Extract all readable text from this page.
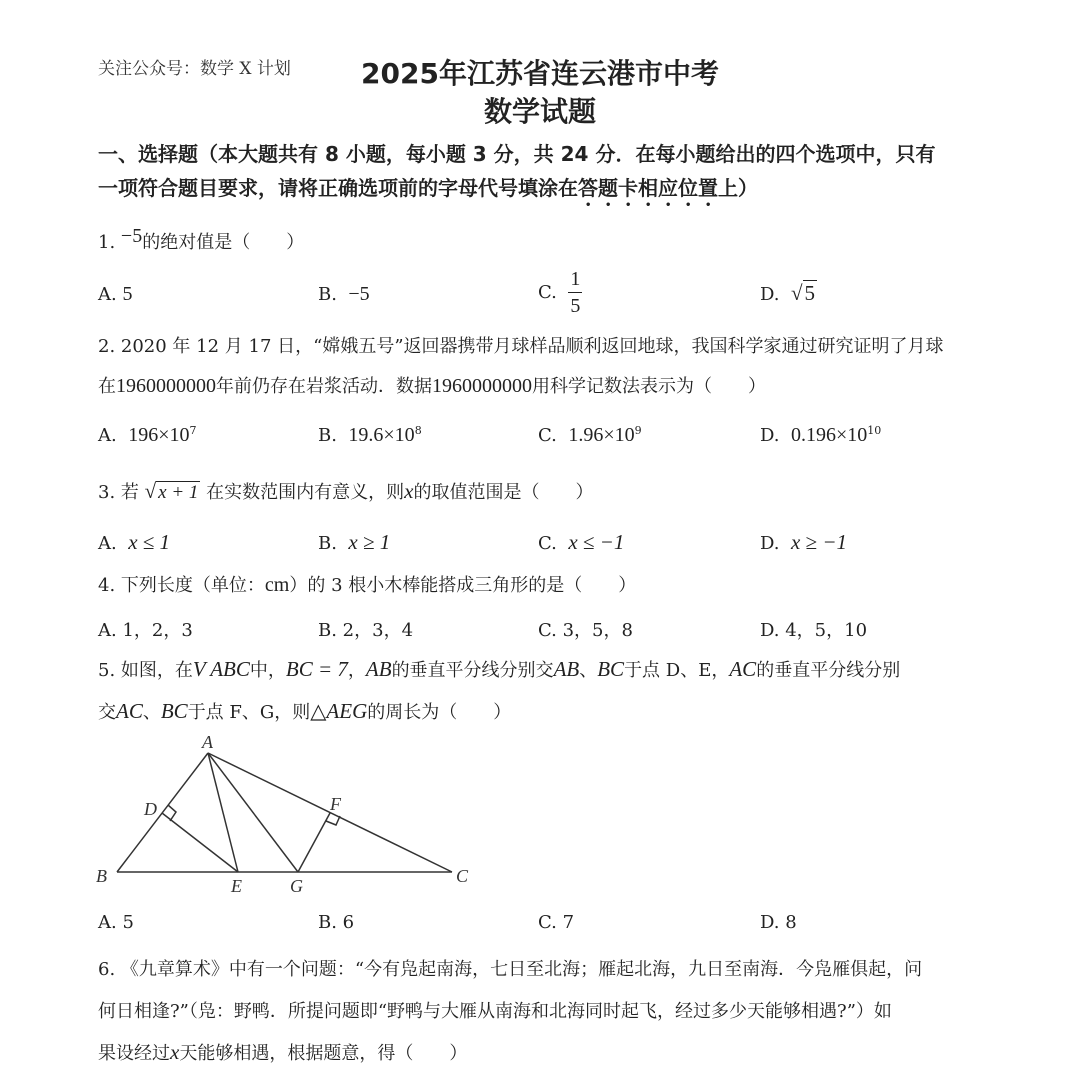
关注公众号：数学 X 计划	2025年江苏省连云港市中考
数学试题
一、选择题（本大题共有 8 小题，每小题 3 分，共 24 分．在每小题给出的四个选项中，只有
一项符合题目要求，请将正确选项前的字母代号填涂在答题卡相应位置上）
1. −5的绝对值是（　　）
A. 5	B. −5	C. $\frac{1}{5}$	D. √5
2. 2020 年 12 月 17 日，“嫦娥五号”返回器携带月球样品顺利返回地球，我国科学家通过研究证明了月球
在1960000000年前仍存在岩浆活动．数据1960000000用科学记数法表示为（　　）
A. $196\times 10^7$	B. $19.6\times 10^8$	C. $1.96\times 10^9$	D. $0.196\times 10^{10}$
3. 若 √ x + 1 在实数范围内有意义，则x的取值范围是（　　）
A. x ≤ 1	B. x ≥ 1	C. x ≤ −1	D. x ≥ −1
4. 下列长度（单位：cm）的 3 根小木棒能搭成三角形的是（　　）
A. 1，2，3	B. 2，3，4	C. 3，5，8	D. 4，5，10
5. 如图，在V ABC中，BC = 7，AB的垂直平分线分别交AB、BC于点 D、E，AC的垂直平分线分别
交AC、BC于点 F、G，则△AEG的周长为（　　）
A
B	C
D
E
F
G
A. 5	B. 6	C. 7	D. 8
6. 《九章算术》中有一个问题：“今有凫起南海，七日至北海；雁起北海，九日至南海．今凫雁俱起，问
何日相逢?”（凫：野鸭．所提问题即“野鸭与大雁从南海和北海同时起飞，经过多少天能够相遇?”）如
果设经过x天能够相遇，根据题意，得（　　）
